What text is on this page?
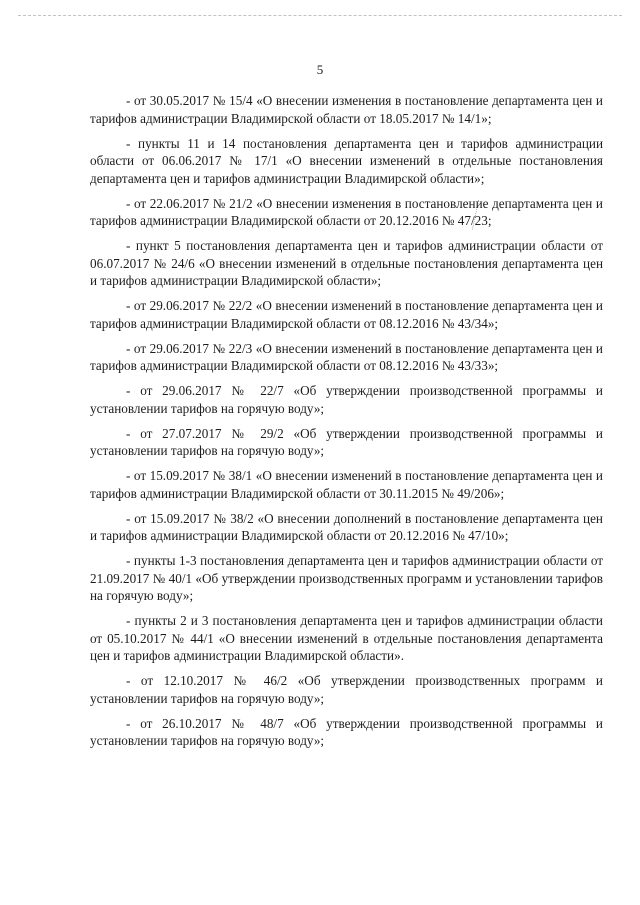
5

- от 30.05.2017 № 15/4 «О внесении изменения в постановление департамента цен и тарифов администрации Владимирской области от 18.05.2017 № 14/1»;

- пункты 11 и 14 постановления департамента цен и тарифов администрации области от 06.06.2017 № 17/1 «О внесении изменений в отдельные постановления департамента цен и тарифов администрации Владимирской области»;

- от 22.06.2017 № 21/2 «О внесении изменения в постановление департамента цен и тарифов администрации Владимирской области от 20.12.2016 № 47/23;

- пункт 5 постановления департамента цен и тарифов администрации области от 06.07.2017 № 24/6 «О внесении изменений в отдельные постановления департамента цен и тарифов администрации Владимирской области»;

- от 29.06.2017 № 22/2 «О внесении изменений в постановление департамента цен и тарифов администрации Владимирской области от 08.12.2016 № 43/34»;

- от 29.06.2017 № 22/3 «О внесении изменений в постановление департамента цен и тарифов администрации Владимирской области от 08.12.2016 № 43/33»;

- от 29.06.2017 № 22/7 «Об утверждении производственной программы и установлении тарифов на горячую воду»;

- от 27.07.2017 № 29/2 «Об утверждении производственной программы и установлении тарифов на горячую воду»;

- от 15.09.2017 № 38/1 «О внесении изменений в постановление департамента цен и тарифов администрации Владимирской области от 30.11.2015 № 49/206»;

- от 15.09.2017 № 38/2 «О внесении дополнений в постановление департамента цен и тарифов администрации Владимирской области от 20.12.2016 № 47/10»;

- пункты 1-3 постановления департамента цен и тарифов администрации области от 21.09.2017 № 40/1 «Об утверждении производственных программ и установлении тарифов на горячую воду»;

- пункты 2 и 3 постановления департамента цен и тарифов администрации области от 05.10.2017 № 44/1 «О внесении изменений в отдельные постановления департамента цен и тарифов администрации Владимирской области».

- от 12.10.2017 № 46/2 «Об утверждении производственных программ и установлении тарифов на горячую воду»;

- от 26.10.2017 № 48/7 «Об утверждении производственной программы и установлении тарифов на горячую воду»;
